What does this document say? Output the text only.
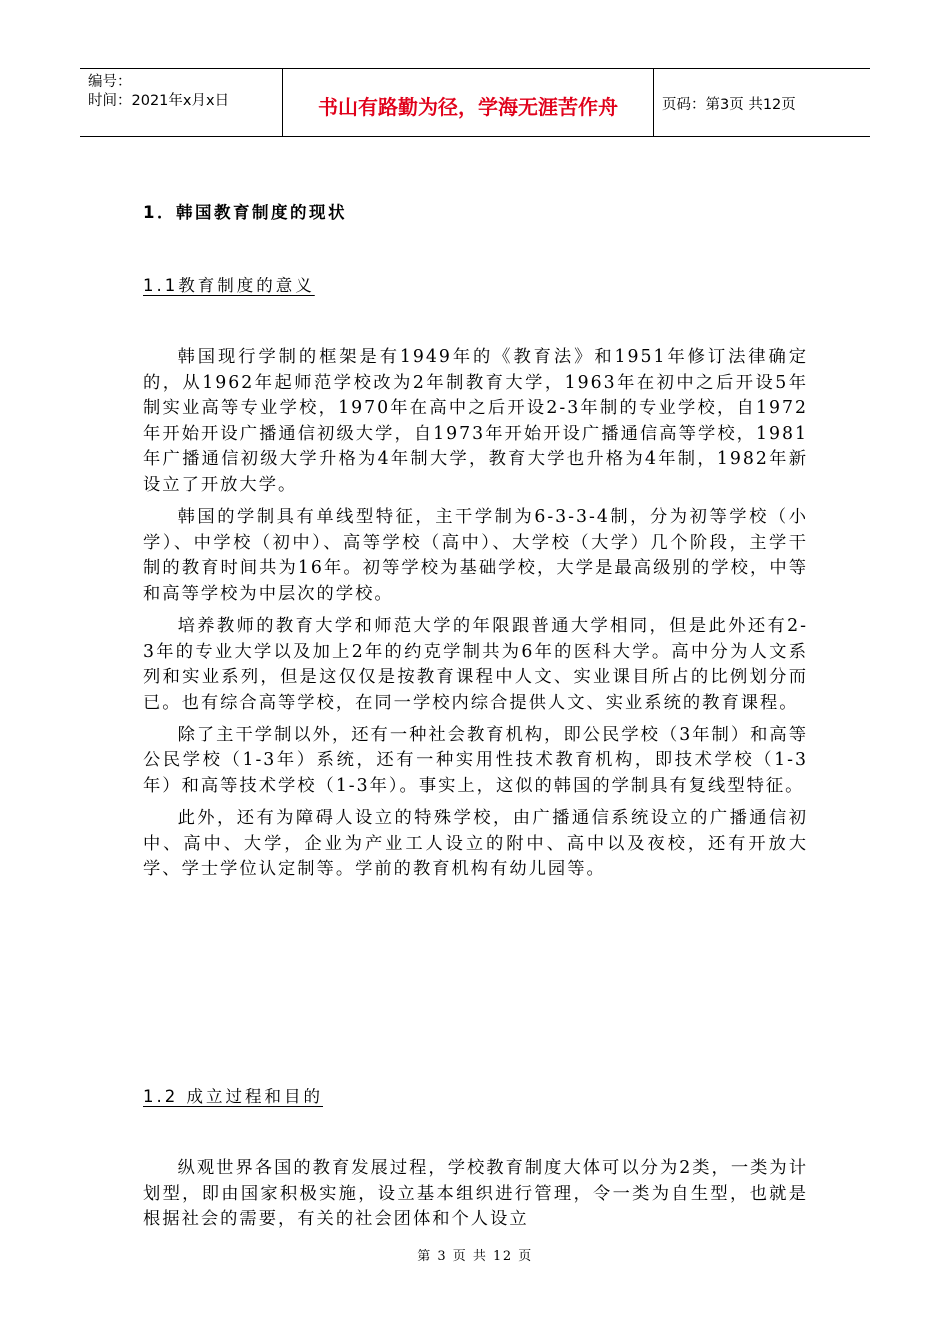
编号：
时间：2021年x月x日	书山有路勤为径，学海无涯苦作舟	页码：第3页 共12页
1．韩国教育制度的现状
1.1教育制度的意义

韩国现行学制的框架是有1949年的《教育法》和1951年修订法律确定的，从1962年起师范学校改为2年制教育大学，1963年在初中之后开设5年制实业高等专业学校，1970年在高中之后开设2-3年制的专业学校，自1972年开始开设广播通信初级大学，自1973年开始开设广播通信高等学校，1981年广播通信初级大学升格为4年制大学，教育大学也升格为4年制，1982年新设立了开放大学。

韩国的学制具有单线型特征，主干学制为6-3-3-4制，分为初等学校（小学）、中学校（初中）、高等学校（高中）、大学校（大学）几个阶段，主学干制的教育时间共为16年。初等学校为基础学校，大学是最高级别的学校，中等和高等学校为中层次的学校。

培养教师的教育大学和师范大学的年限跟普通大学相同，但是此外还有2-3年的专业大学以及加上2年的约克学制共为6年的医科大学。高中分为人文系列和实业系列，但是这仅仅是按教育课程中人文、实业课目所占的比例划分而已。也有综合高等学校，在同一学校内综合提供人文、实业系统的教育课程。

除了主干学制以外，还有一种社会教育机构，即公民学校（3年制）和高等公民学校（1-3年）系统，还有一种实用性技术教育机构，即技术学校（1-3年）和高等技术学校（1-3年）。事实上，这似的韩国的学制具有复线型特征。

此外，还有为障碍人设立的特殊学校，由广播通信系统设立的广播通信初中、高中、大学，企业为产业工人设立的附中、高中以及夜校，还有开放大学、学士学位认定制等。学前的教育机构有幼儿园等。

1.2 成立过程和目的

纵观世界各国的教育发展过程，学校教育制度大体可以分为2类，一类为计划型，即由国家积极实施，设立基本组织进行管理，令一类为自生型，也就是根据社会的需要，有关的社会团体和个人设立

第 3 页 共 12 页
